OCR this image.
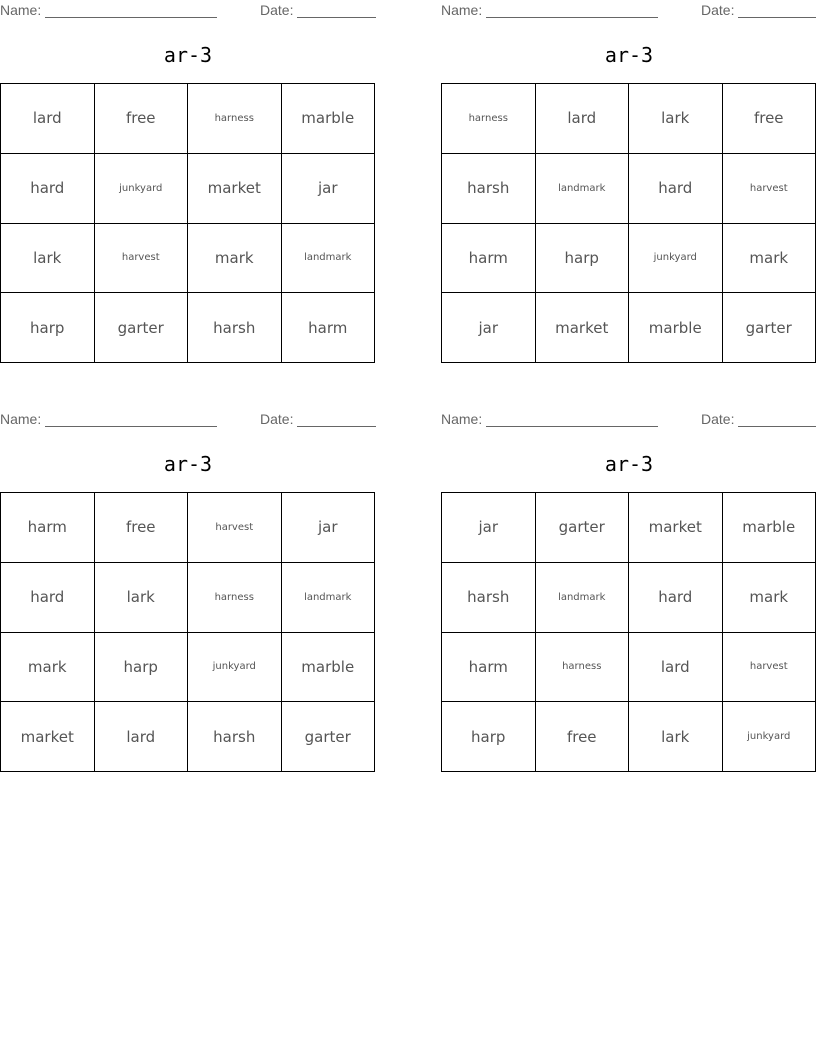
Name:	Date:
ar-3
lard	free	harness	marble
hard	junkyard	market	jar
lark	harvest	mark	landmark
harp	garter	harsh	harm
Name:	Date:
ar-3
harness	lard	lark	free
harsh	landmark	hard	harvest
harm	harp	junkyard	mark
jar	market	marble	garter
Name:	Date:
ar-3
harm	free	harvest	jar
hard	lark	harness	landmark
mark	harp	junkyard	marble
market	lard	harsh	garter
Name:	Date:
ar-3
jar	garter	market	marble
harsh	landmark	hard	mark
harm	harness	lard	harvest
harp	free	lark	junkyard
